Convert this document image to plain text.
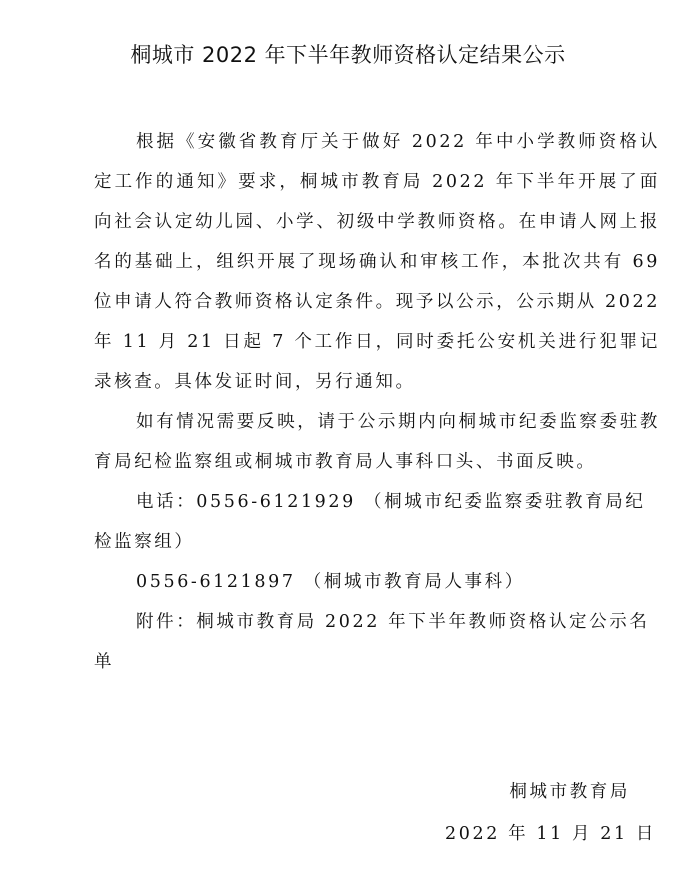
桐城市 2022 年下半年教师资格认定结果公示
根据《安徽省教育厅关于做好 2022 年中小学教师资格认定工作的通知》要求，桐城市教育局 2022 年下半年开展了面向社会认定幼儿园、小学、初级中学教师资格。在申请人网上报名的基础上，组织开展了现场确认和审核工作，本批次共有 69 位申请人符合教师资格认定条件。现予以公示，公示期从 2022 年 11 月 21 日起 7 个工作日，同时委托公安机关进行犯罪记录核查。具体发证时间，另行通知。
如有情况需要反映，请于公示期内向桐城市纪委监察委驻教育局纪检监察组或桐城市教育局人事科口头、书面反映。
电话：0556-6121929 （桐城市纪委监察委驻教育局纪检监察组）
0556-6121897 （桐城市教育局人事科）
附件：桐城市教育局 2022 年下半年教师资格认定公示名单
桐城市教育局
2022 年 11 月 21 日
